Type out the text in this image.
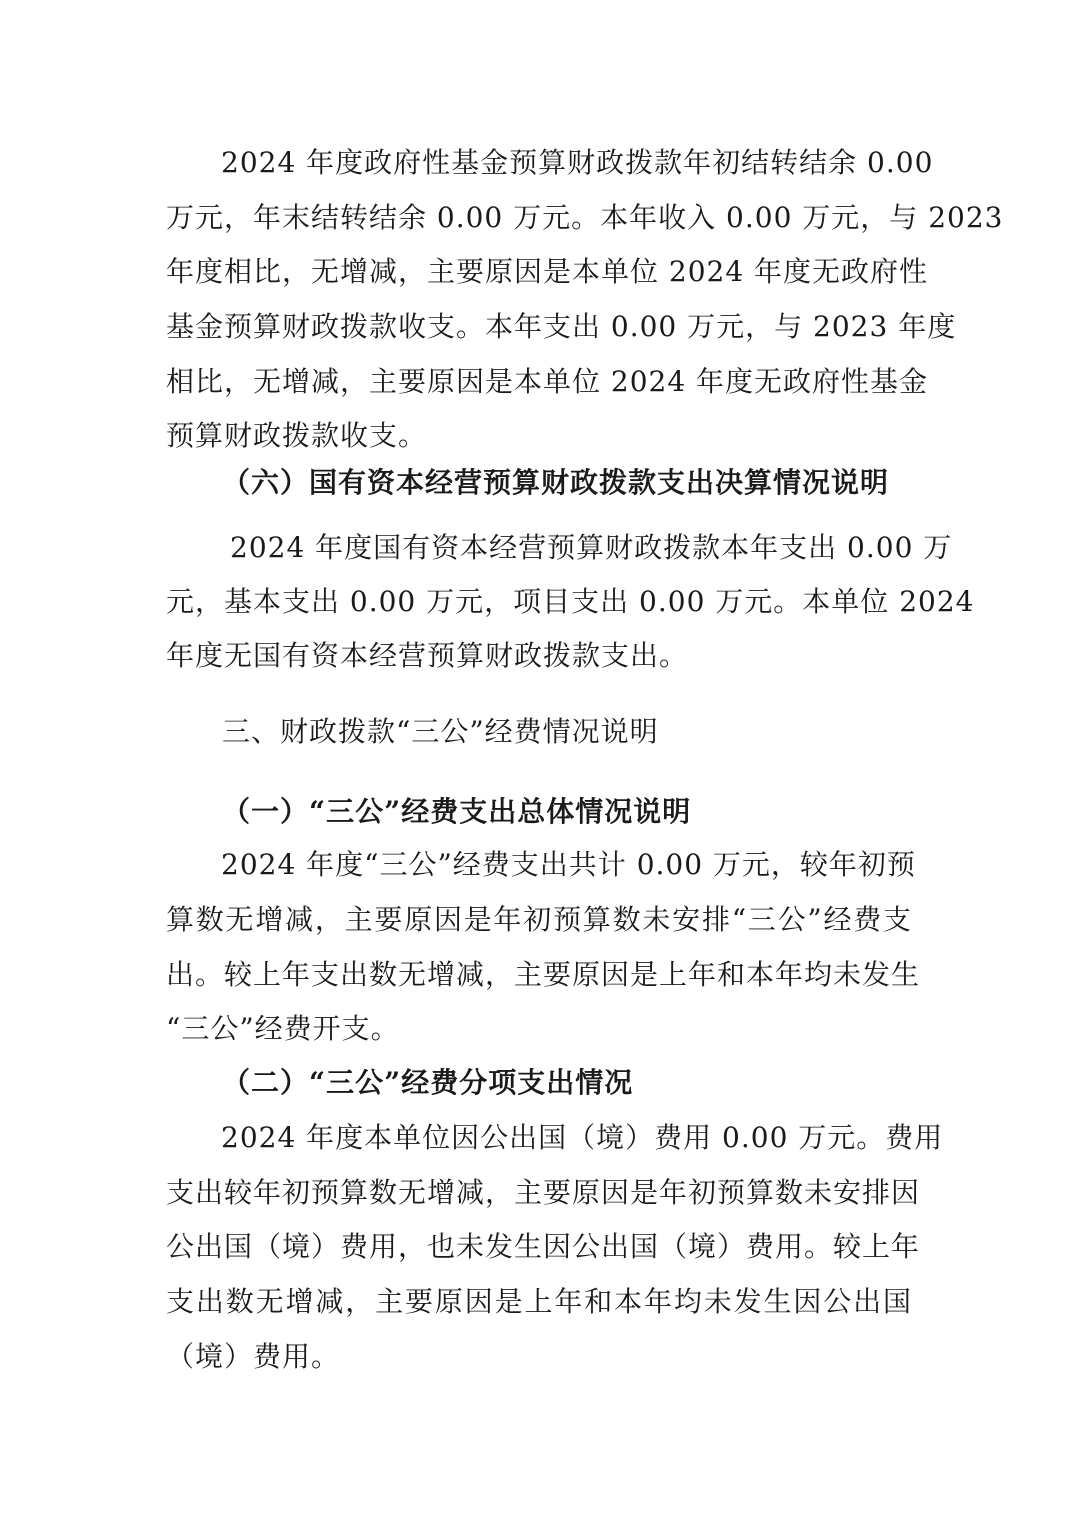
2024 年度政府性基金预算财政拨款年初结转结余 0.00
万元，年末结转结余 0.00 万元。本年收入 0.00 万元，与 2023
年度相比，无增减，主要原因是本单位 2024 年度无政府性
基金预算财政拨款收支。本年支出 0.00 万元，与 2023 年度
相比，无增减，主要原因是本单位 2024 年度无政府性基金
预算财政拨款收支。
（六）国有资本经营预算财政拨款支出决算情况说明
2024 年度国有资本经营预算财政拨款本年支出 0.00 万
元，基本支出 0.00 万元，项目支出 0.00 万元。本单位 2024
年度无国有资本经营预算财政拨款支出。
三、财政拨款“三公”经费情况说明
（一）“三公”经费支出总体情况说明
2024 年度“三公”经费支出共计 0.00 万元，较年初预
算数无增减，主要原因是年初预算数未安排“三公”经费支
出。较上年支出数无增减，主要原因是上年和本年均未发生
“三公”经费开支。
（二）“三公”经费分项支出情况
2024 年度本单位因公出国（境）费用 0.00 万元。费用
支出较年初预算数无增减，主要原因是年初预算数未安排因
公出国（境）费用，也未发生因公出国（境）费用。较上年
支出数无增减，主要原因是上年和本年均未发生因公出国
（境）费用。
